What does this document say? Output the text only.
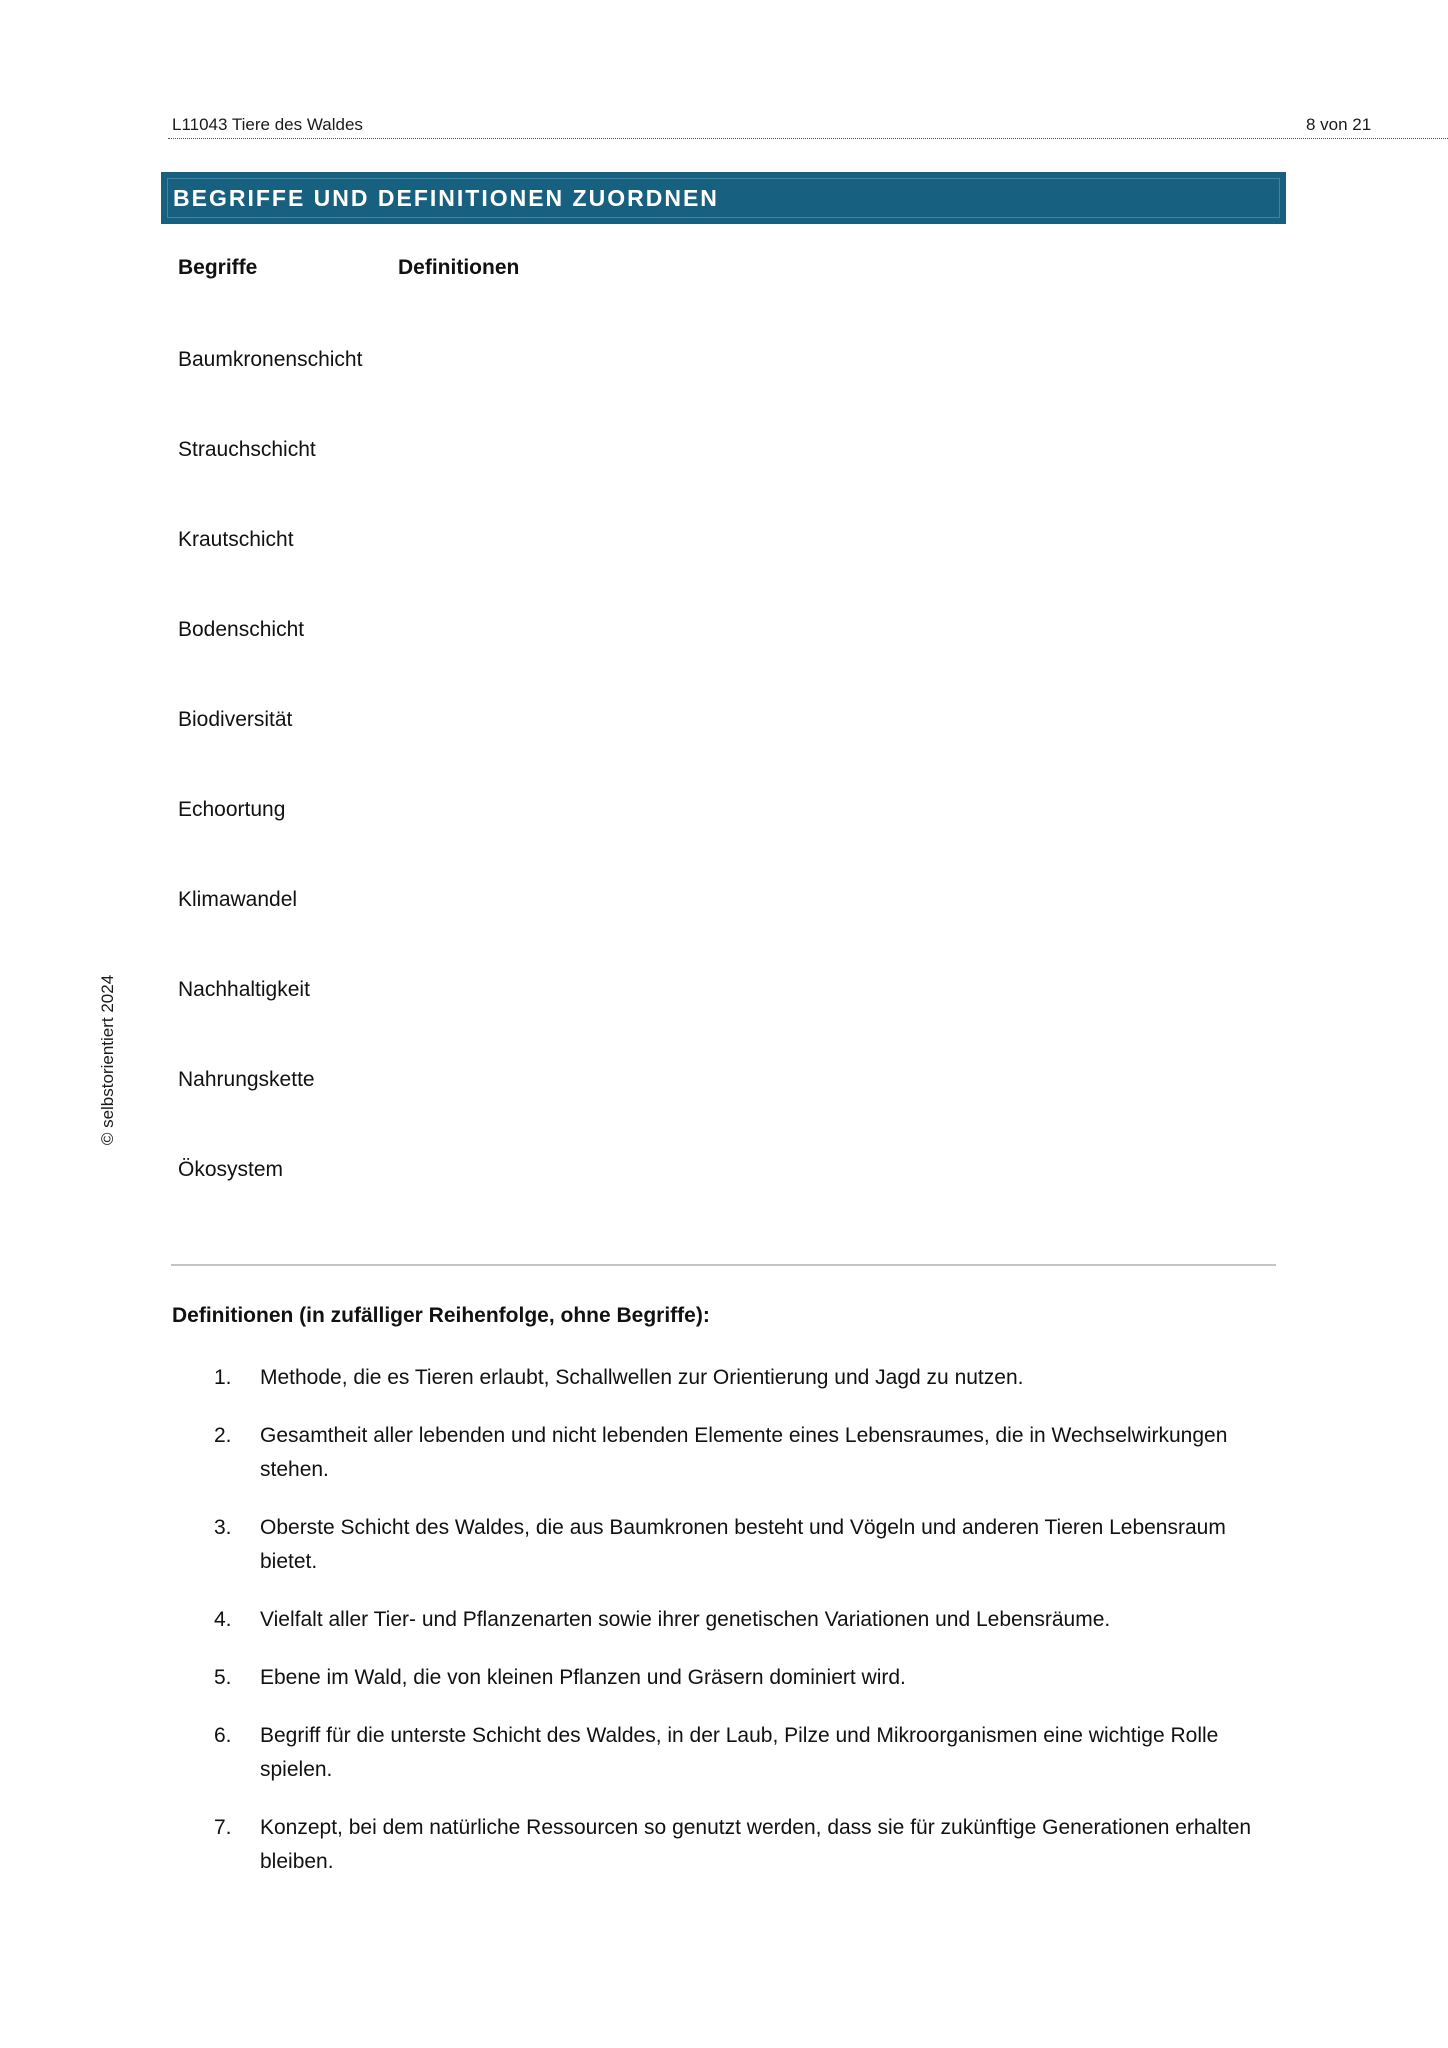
L11043 Tiere des Waldes	8 von 21
BEGRIFFE UND DEFINITIONEN ZUORDNEN
Begriffe	Definitionen
Baumkronenschicht
Strauchschicht
Krautschicht
Bodenschicht
Biodiversität
Echoortung
Klimawandel
Nachhaltigkeit
Nahrungskette
Ökosystem
Definitionen (in zufälliger Reihenfolge, ohne Begriffe):
1. Methode, die es Tieren erlaubt, Schallwellen zur Orientierung und Jagd zu nutzen.
2. Gesamtheit aller lebenden und nicht lebenden Elemente eines Lebensraumes, die in Wechselwirkungen stehen.
3. Oberste Schicht des Waldes, die aus Baumkronen besteht und Vögeln und anderen Tieren Lebensraum bietet.
4. Vielfalt aller Tier- und Pflanzenarten sowie ihrer genetischen Variationen und Lebensräume.
5. Ebene im Wald, die von kleinen Pflanzen und Gräsern dominiert wird.
6. Begriff für die unterste Schicht des Waldes, in der Laub, Pilze und Mikroorganismen eine wichtige Rolle spielen.
7. Konzept, bei dem natürliche Ressourcen so genutzt werden, dass sie für zukünftige Generationen erhalten bleiben.
© selbstorientiert 2024
